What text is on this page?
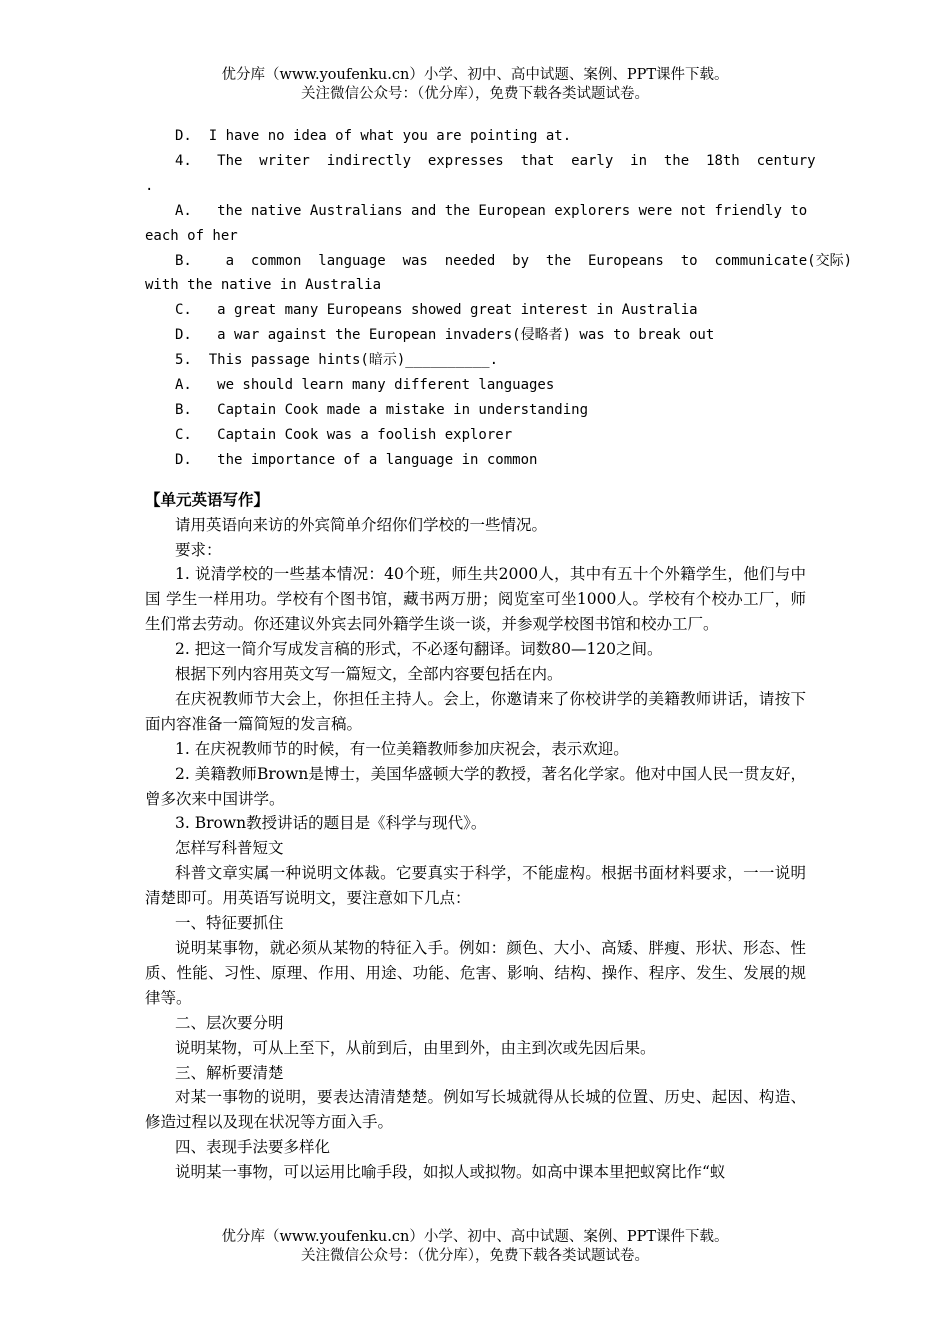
优分库（www.youfenku.cn）小学、初中、高中试题、案例、PPT课件下载。
关注微信公众号：（优分库），免费下载各类试题试卷。
D.  I have no idea of what you are pointing at.
4.   The  writer  indirectly  expresses  that  early  in  the  18th  century
.
A.   the native Australians and the European explorers were not friendly to
each of her
B.    a  common  language  was  needed  by  the  Europeans  to  communicate(交际)
with the native in Australia
C.   a great many Europeans showed great interest in Australia
D.   a war against the European invaders(侵略者) was to break out
5.  This passage hints(暗示)__________.
A.   we should learn many different languages
B.   Captain Cook made a mistake in understanding
C.   Captain Cook was a foolish explorer
D.   the importance of a language in common
【单元英语写作】
请用英语向来访的外宾简单介绍你们学校的一些情况。
要求：
1. 说清学校的一些基本情况：40个班，师生共2000人，其中有五十个外籍学生，他们与中国 学生一样用功。学校有个图书馆，藏书两万册；阅览室可坐1000人。学校有个校办工厂，师 生们常去劳动。你还建议外宾去同外籍学生谈一谈，并参观学校图书馆和校办工厂。
2. 把这一简介写成发言稿的形式，不必逐句翻译。词数80—120之间。
根据下列内容用英文写一篇短文，全部内容要包括在内。
在庆祝教师节大会上，你担任主持人。会上，你邀请来了你校讲学的美籍教师讲话，请按下面内容准备一篇简短的发言稿。
1. 在庆祝教师节的时候，有一位美籍教师参加庆祝会，表示欢迎。
2. 美籍教师Brown是博士，美国华盛顿大学的教授，著名化学家。他对中国人民一贯友好，曾多次来中国讲学。
3. Brown教授讲话的题目是《科学与现代》。
怎样写科普短文
科普文章实属一种说明文体裁。它要真实于科学，不能虚构。根据书面材料要求，一一说明 清楚即可。用英语写说明文，要注意如下几点：
一、特征要抓住
说明某事物，就必须从某物的特征入手。例如：颜色、大小、高矮、胖瘦、形状、形态、性质、性能、习性、原理、作用、用途、功能、危害、影响、结构、操作、程序、发生、发展的规律等。
二、层次要分明
说明某物，可从上至下，从前到后，由里到外，由主到次或先因后果。
三、解析要清楚
对某一事物的说明，要表达清清楚楚。例如写长城就得从长城的位置、历史、起因、构造、 修造过程以及现在状况等方面入手。
四、表现手法要多样化
说明某一事物，可以运用比喻手段，如拟人或拟物。如高中课本里把蚁窝比作“蚁
优分库（www.youfenku.cn）小学、初中、高中试题、案例、PPT课件下载。
关注微信公众号：（优分库），免费下载各类试题试卷。
